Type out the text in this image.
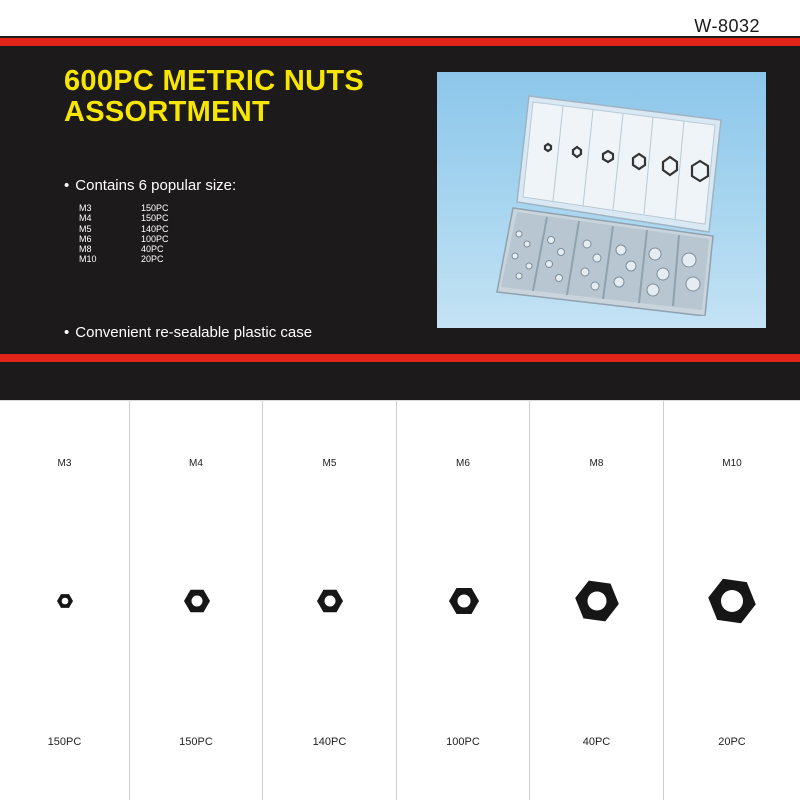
W-8032
600PC METRIC NUTS
ASSORTMENT
• Contains 6 popular size:
M3	150PC
M4	150PC
M5	140PC
M6	100PC
M8	40PC
M10	20PC
• Convenient re-sealable plastic case
M3
150PC
M4
150PC
M5
140PC
M6
100PC
M8
40PC
M10
20PC
